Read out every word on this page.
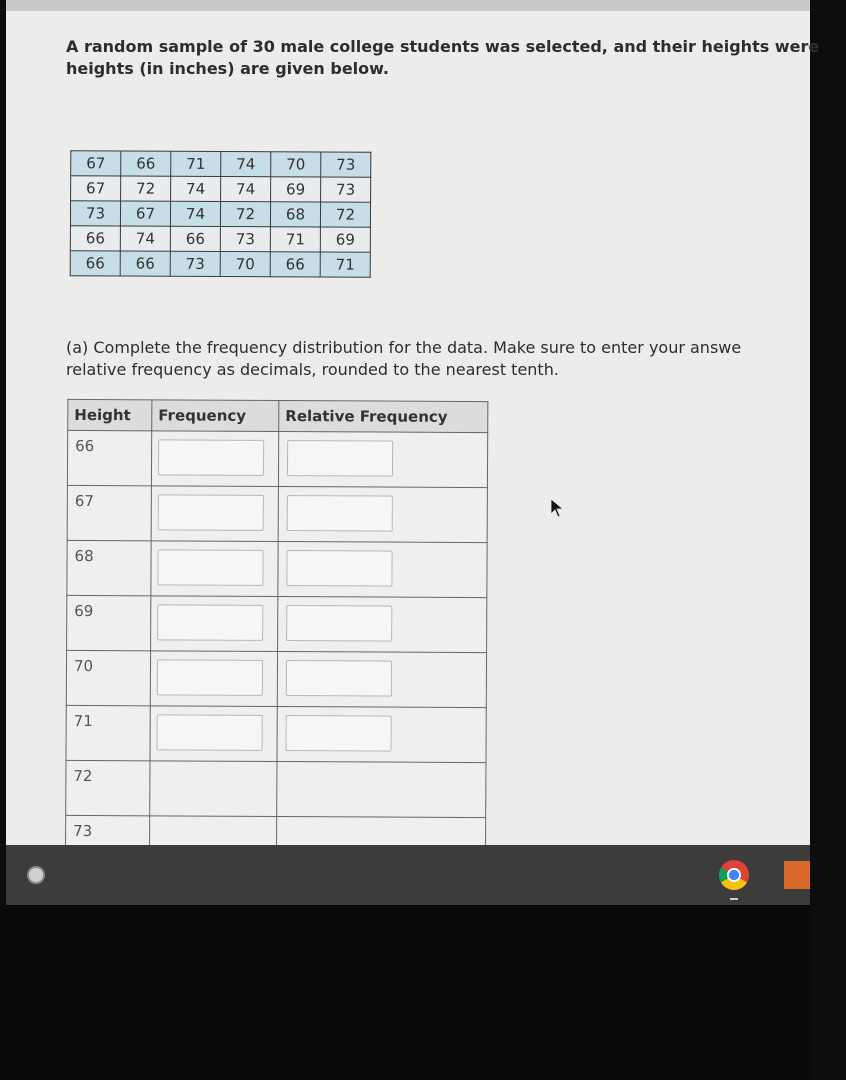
A random sample of 30 male college students was selected, and their heights were
heights (in inches) are given below.
67	66	71	74	70	73
67	72	74	74	69	73
73	67	74	72	68	72
66	74	66	73	71	69
66	66	73	70	66	71
(a) Complete the frequency distribution for the data. Make sure to enter your answe
relative frequency as decimals, rounded to the nearest tenth.
Height	Frequency	Relative Frequency
66	

67	

68	

69	

70	

71	

72		
73		
